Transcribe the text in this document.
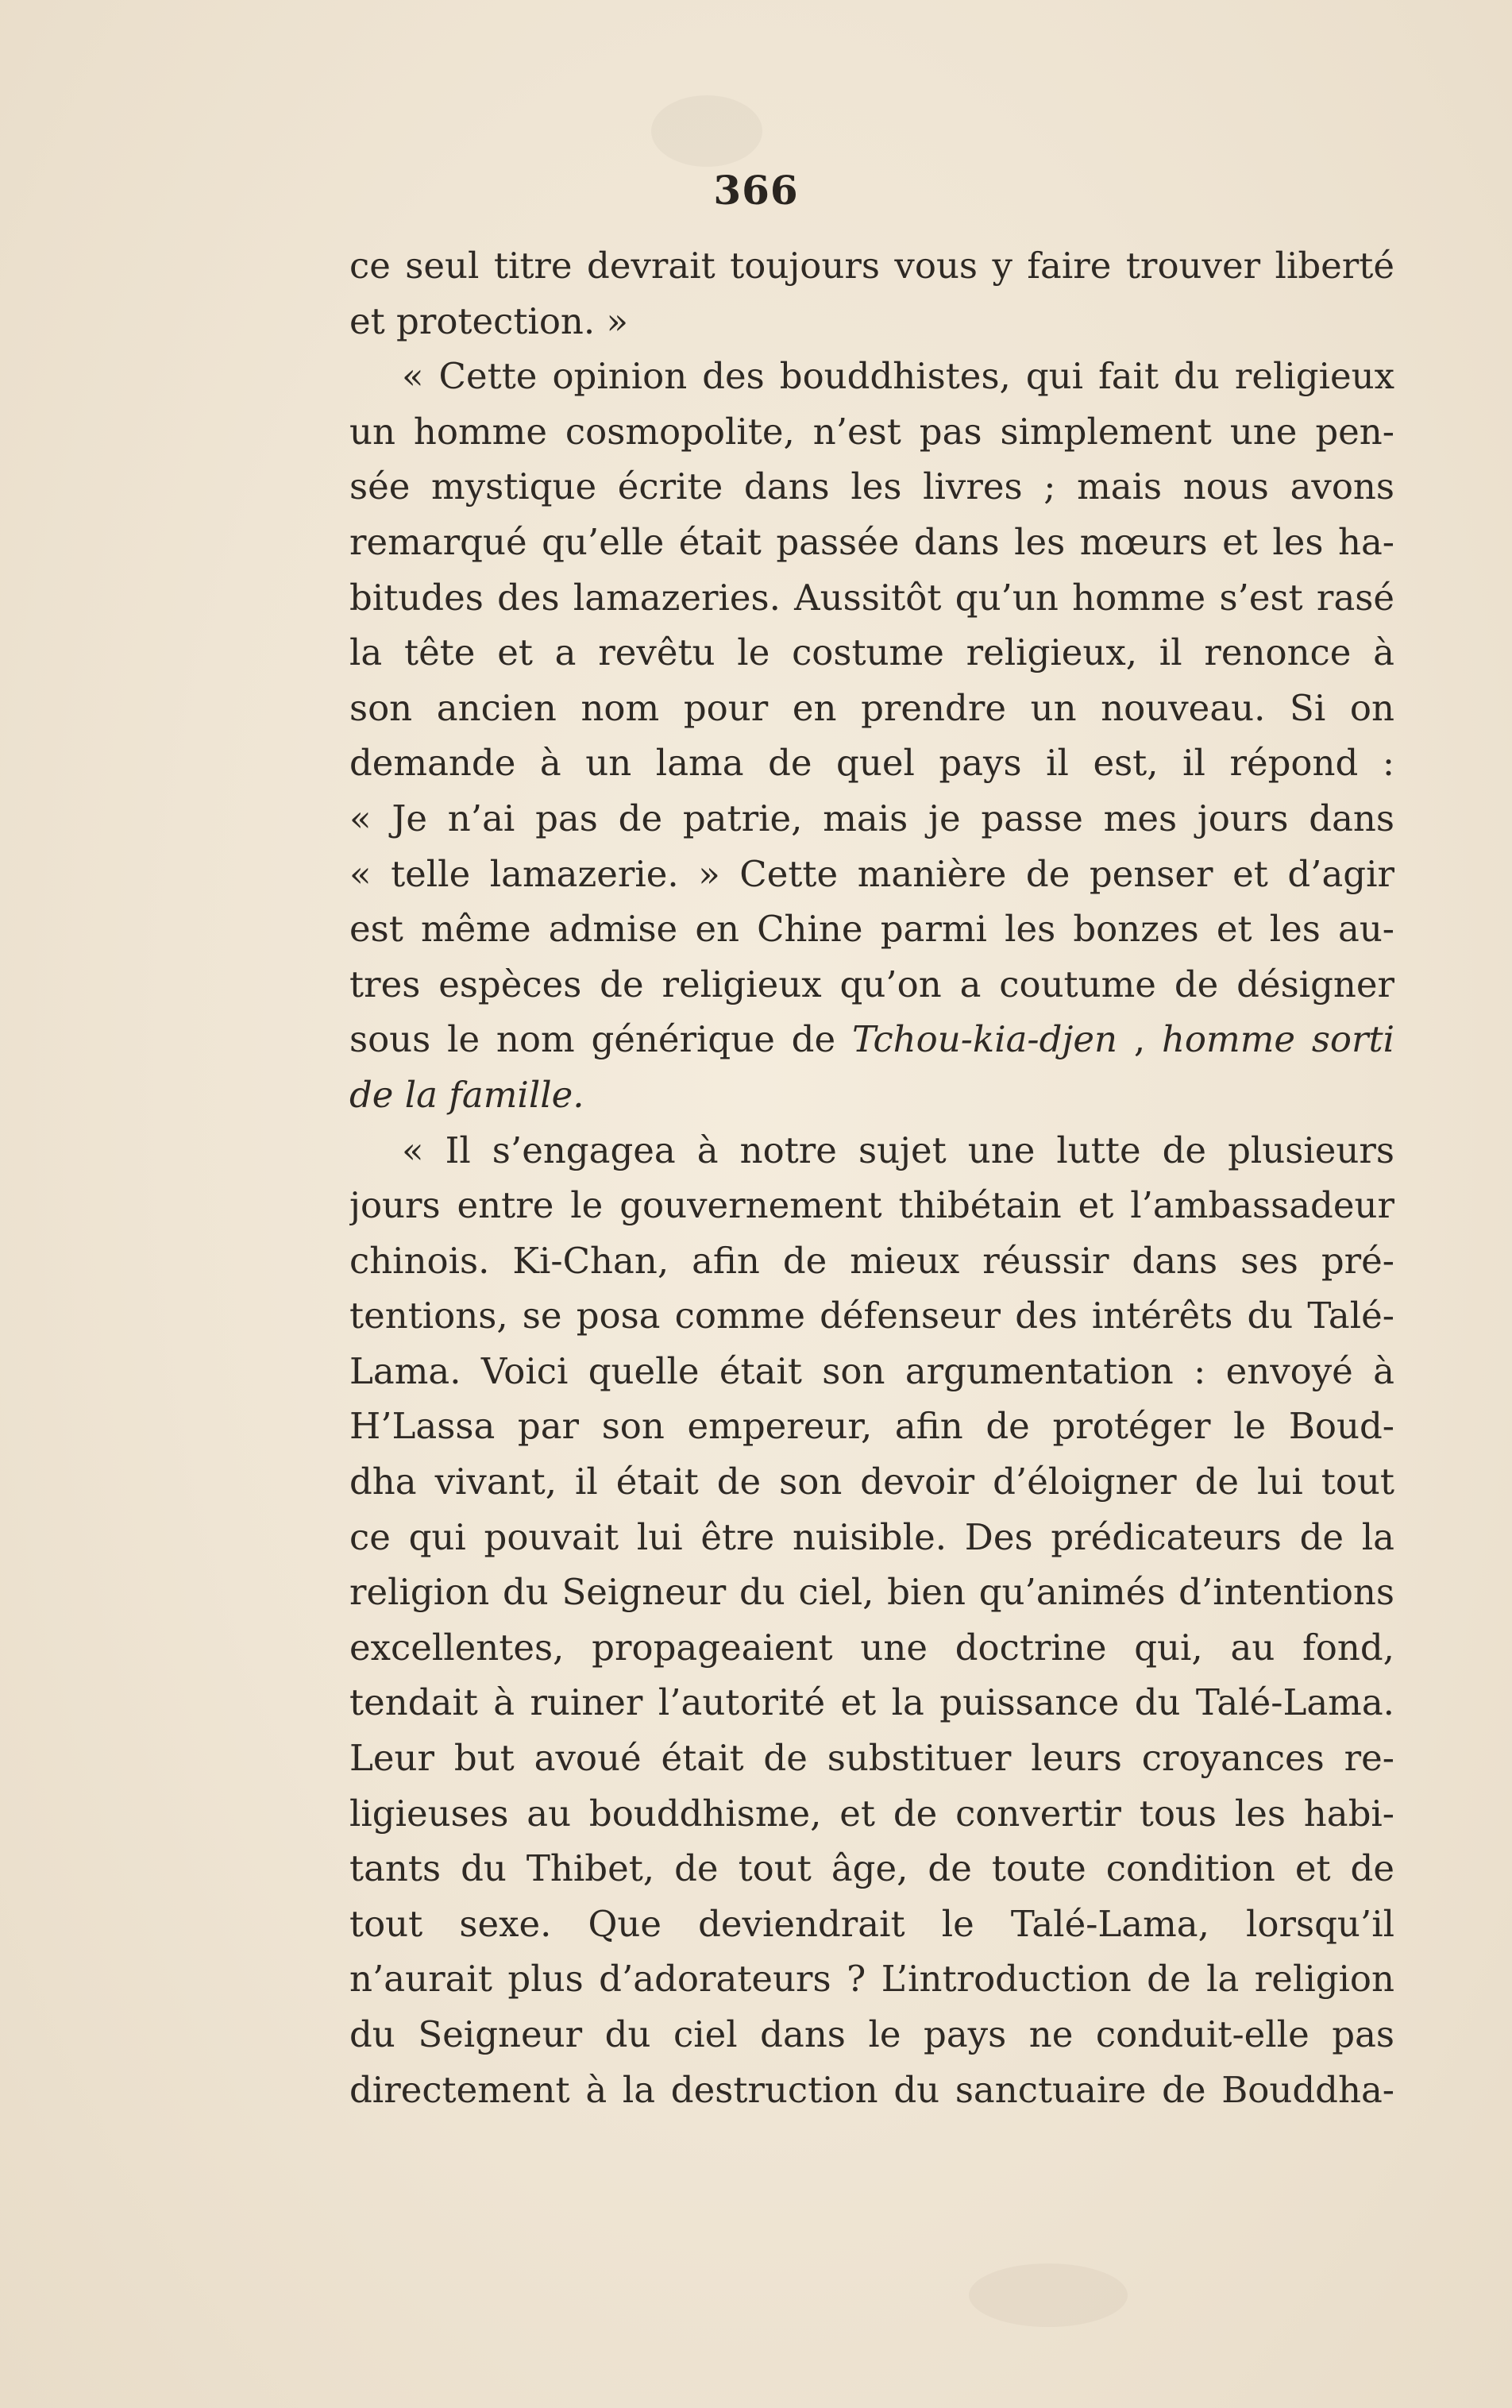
366
ce seul titre devrait toujours vous y faire trouver liberté
et protection. »
« Cette opinion des bouddhistes, qui fait du religieux
un homme cosmopolite, n’est pas simplement une pen-
sée mystique écrite dans les livres ; mais nous avons
remarqué qu’elle était passée dans les mœurs et les ha-
bitudes des lamazeries. Aussitôt qu’un homme s’est rasé
la tête et a revêtu le costume religieux, il renonce à
son ancien nom pour en prendre un nouveau. Si on
demande à un lama de quel pays il est, il répond :
« Je n’ai pas de patrie, mais je passe mes jours dans
« telle lamazerie. » Cette manière de penser et d’agir
est même admise en Chine parmi les bonzes et les au-
tres espèces de religieux qu’on a coutume de désigner
sous le nom générique de Tchou-kia-djen , homme sorti
de la famille.
« Il s’engagea à notre sujet une lutte de plusieurs
jours entre le gouvernement thibétain et l’ambassadeur
chinois. Ki-Chan, afin de mieux réussir dans ses pré-
tentions, se posa comme défenseur des intérêts du Talé-
Lama. Voici quelle était son argumentation : envoyé à
H’Lassa par son empereur, afin de protéger le Boud-
dha vivant, il était de son devoir d’éloigner de lui tout
ce qui pouvait lui être nuisible. Des prédicateurs de la
religion du Seigneur du ciel, bien qu’animés d’intentions
excellentes, propageaient une doctrine qui, au fond,
tendait à ruiner l’autorité et la puissance du Talé-Lama.
Leur but avoué était de substituer leurs croyances re-
ligieuses au bouddhisme, et de convertir tous les habi-
tants du Thibet, de tout âge, de toute condition et de
tout sexe. Que deviendrait le Talé-Lama, lorsqu’il
n’aurait plus d’adorateurs ? L’introduction de la religion
du Seigneur du ciel dans le pays ne conduit-elle pas
directement à la destruction du sanctuaire de Bouddha-
